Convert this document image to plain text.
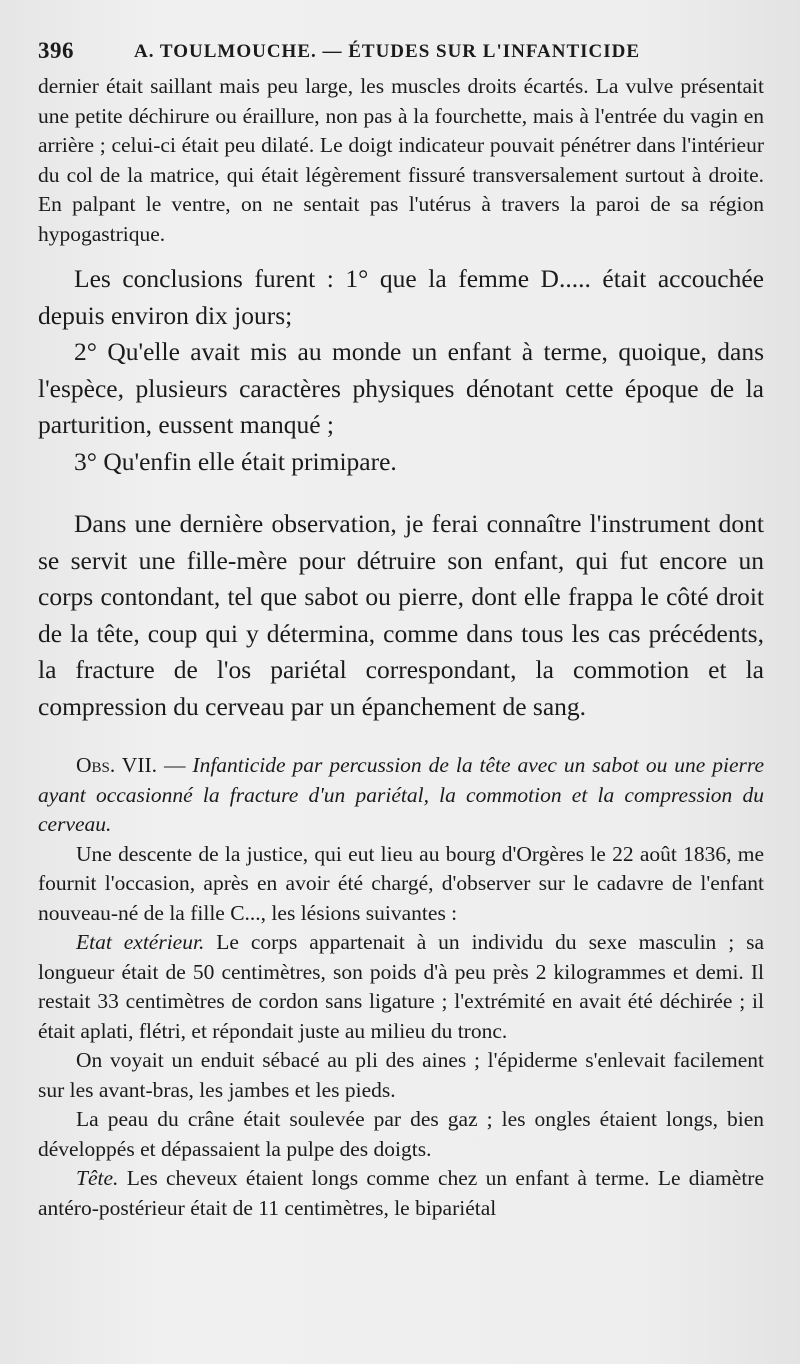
396	A. TOULMOUCHE. — ÉTUDES SUR L'INFANTICIDE

dernier était saillant mais peu large, les muscles droits écartés. La vulve présentait une petite déchirure ou éraillure, non pas à la fourchette, mais à l'entrée du vagin en arrière ; celui-ci était peu dilaté. Le doigt indicateur pouvait pénétrer dans l'intérieur du col de la matrice, qui était légèrement fissuré transversalement surtout à droite. En palpant le ventre, on ne sentait pas l'utérus à travers la paroi de sa région hypogastrique.

Les conclusions furent : 1° que la femme D..... était accouchée depuis environ dix jours;

2° Qu'elle avait mis au monde un enfant à terme, quoique, dans l'espèce, plusieurs caractères physiques dénotant cette époque de la parturition, eussent manqué ;

3° Qu'enfin elle était primipare.

Dans une dernière observation, je ferai connaître l'instrument dont se servit une fille-mère pour détruire son enfant, qui fut encore un corps contondant, tel que sabot ou pierre, dont elle frappa le côté droit de la tête, coup qui y détermina, comme dans tous les cas précédents, la fracture de l'os pariétal correspondant, la commotion et la compression du cerveau par un épanchement de sang.

Obs. VII. — Infanticide par percussion de la tête avec un sabot ou une pierre ayant occasionné la fracture d'un pariétal, la commotion et la compression du cerveau.

Une descente de la justice, qui eut lieu au bourg d'Orgères le 22 août 1836, me fournit l'occasion, après en avoir été chargé, d'observer sur le cadavre de l'enfant nouveau-né de la fille C..., les lésions suivantes :

Etat extérieur. Le corps appartenait à un individu du sexe masculin ; sa longueur était de 50 centimètres, son poids d'à peu près 2 kilogrammes et demi. Il restait 33 centimètres de cordon sans ligature ; l'extrémité en avait été déchirée ; il était aplati, flétri, et répondait juste au milieu du tronc.

On voyait un enduit sébacé au pli des aines ; l'épiderme s'enlevait facilement sur les avant-bras, les jambes et les pieds.

La peau du crâne était soulevée par des gaz ; les ongles étaient longs, bien développés et dépassaient la pulpe des doigts.

Tête. Les cheveux étaient longs comme chez un enfant à terme. Le diamètre antéro-postérieur était de 11 centimètres, le bipariétal
